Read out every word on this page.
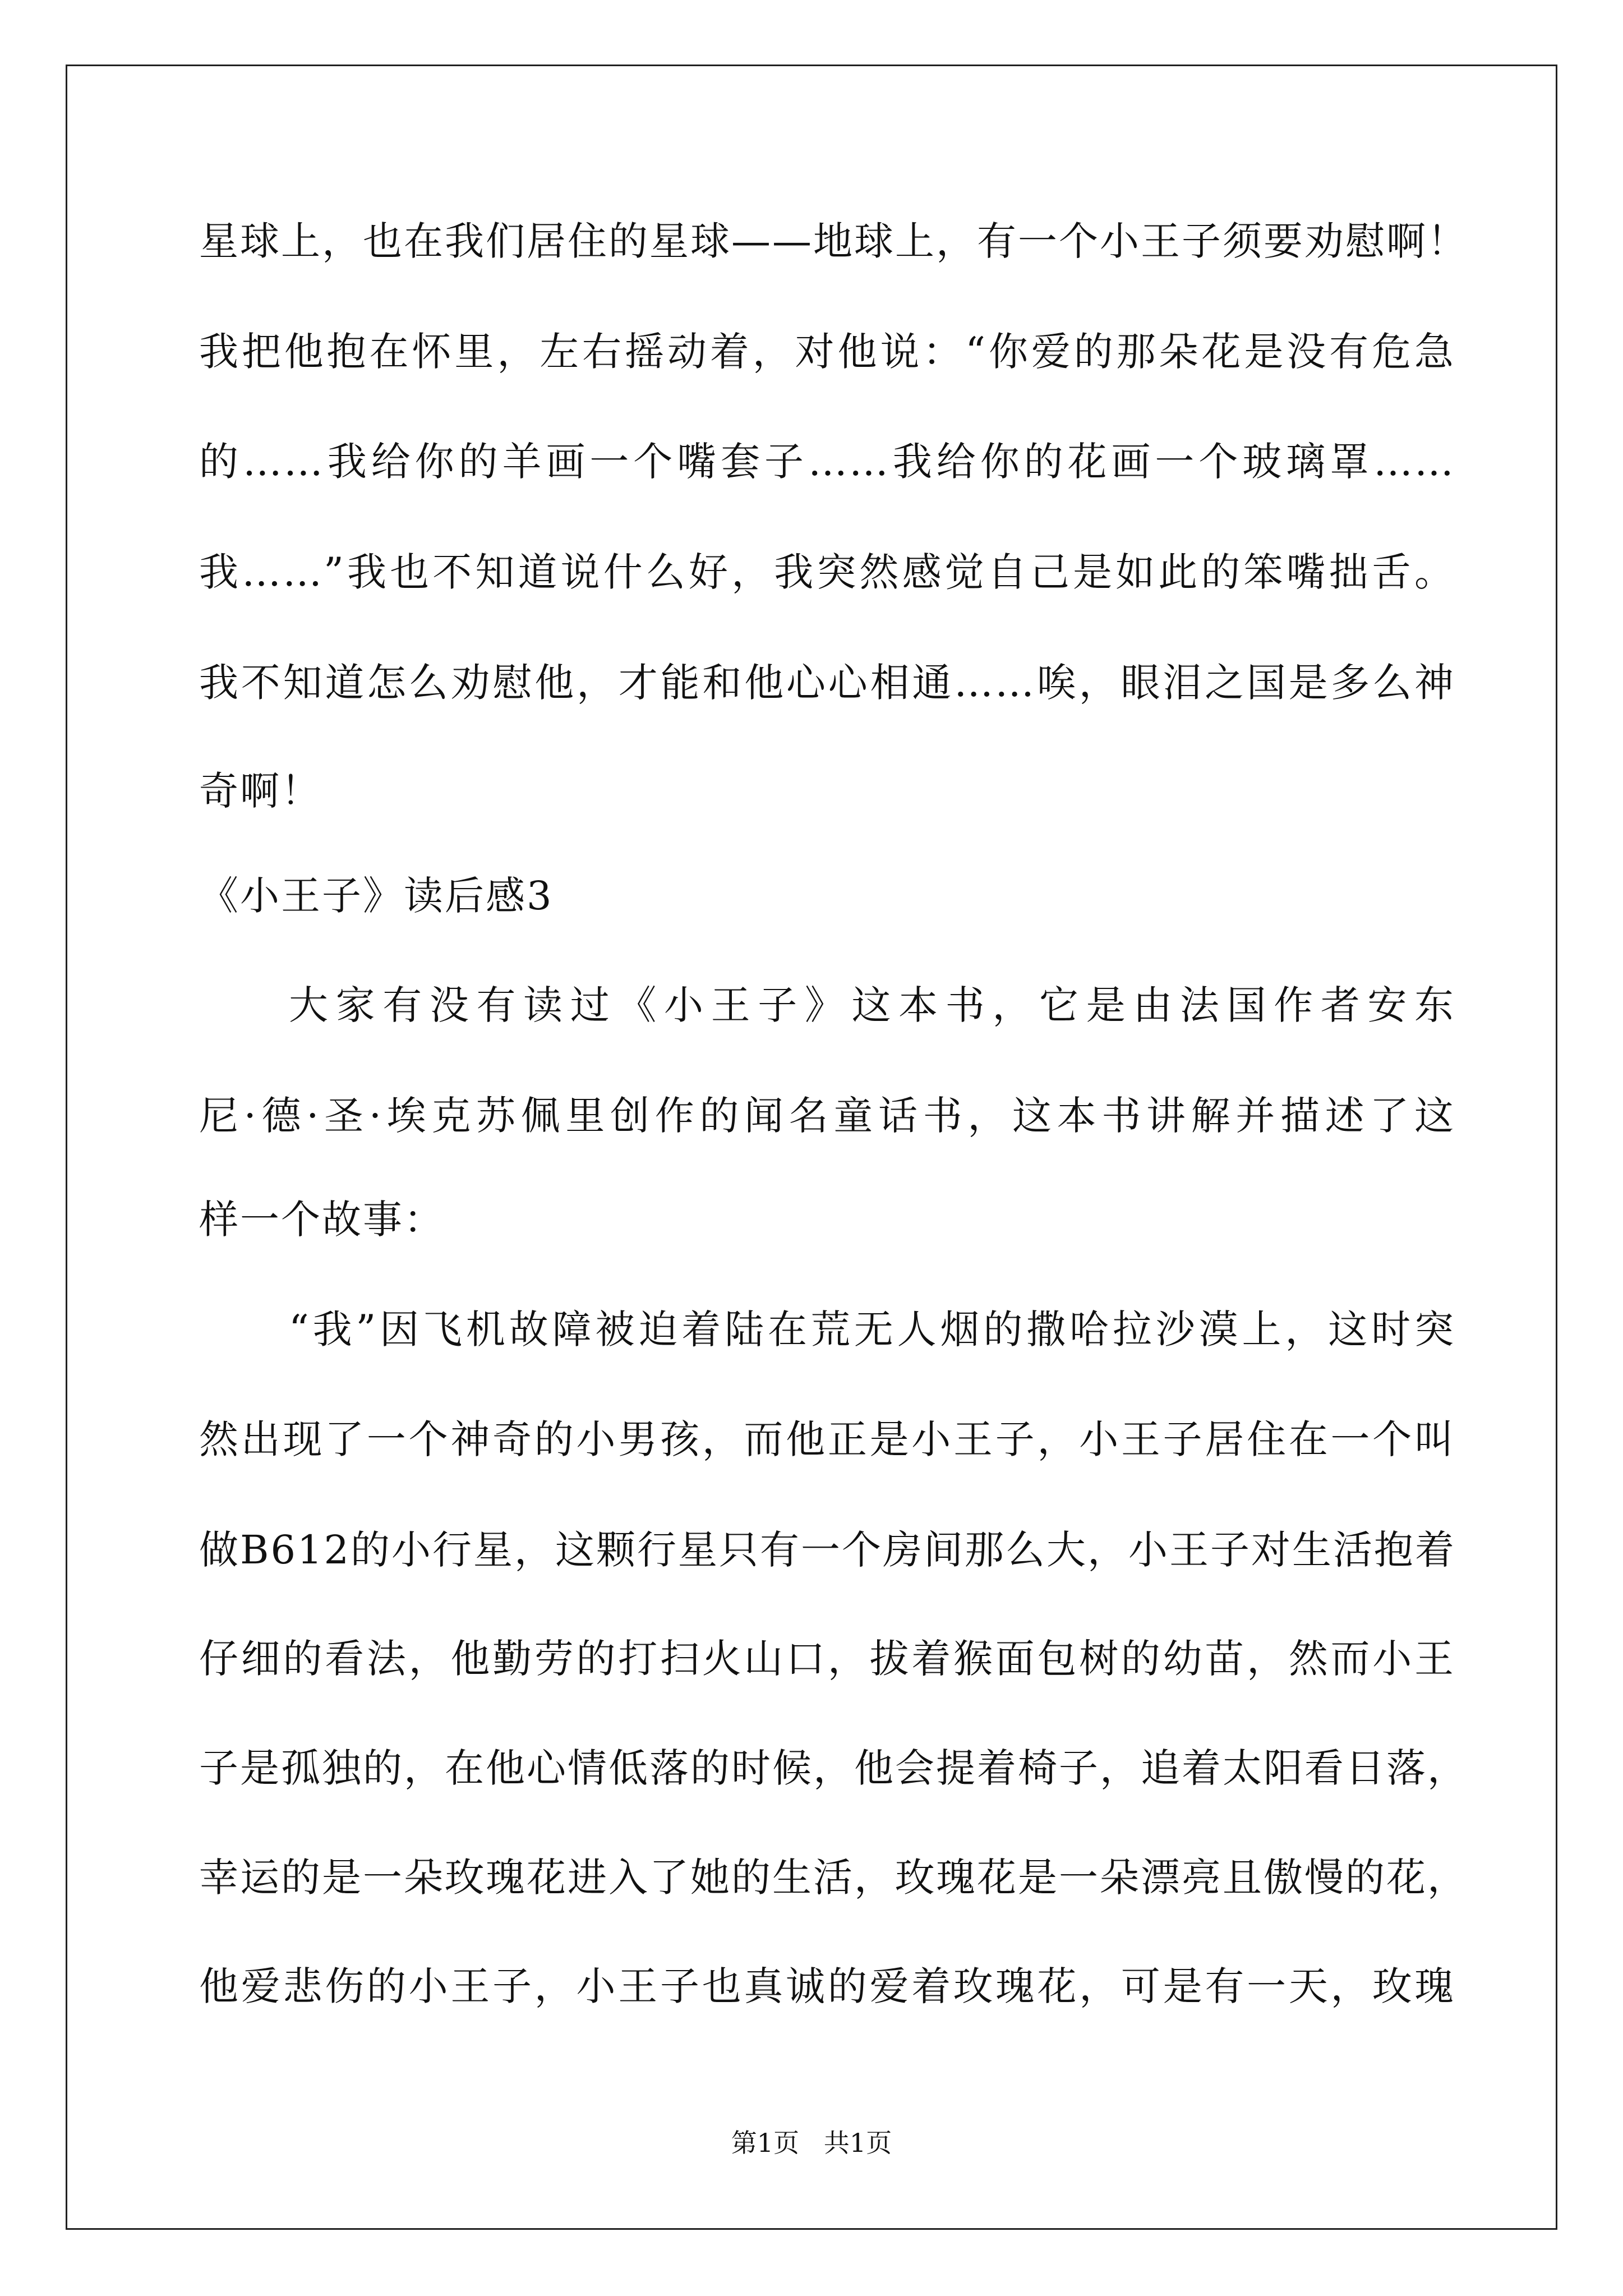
星球上，也在我们居住的星球——地球上，有一个小王子须要劝慰啊！
我把他抱在怀里，左右摇动着，对他说：“你爱的那朵花是没有危急
的……我给你的羊画一个嘴套子……我给你的花画一个玻璃罩……
我……”我也不知道说什么好，我突然感觉自己是如此的笨嘴拙舌。
我不知道怎么劝慰他，才能和他心心相通……唉，眼泪之国是多么神
奇啊！
《小王子》读后感3
大家有没有读过《小王子》这本书，它是由法国作者安东
尼·德·圣·埃克苏佩里创作的闻名童话书，这本书讲解并描述了这
样一个故事：
“我”因飞机故障被迫着陆在荒无人烟的撒哈拉沙漠上，这时突
然出现了一个神奇的小男孩，而他正是小王子，小王子居住在一个叫
做B612的小行星，这颗行星只有一个房间那么大，小王子对生活抱着
仔细的看法，他勤劳的打扫火山口，拔着猴面包树的幼苗，然而小王
子是孤独的，在他心情低落的时候，他会提着椅子，追着太阳看日落，
幸运的是一朵玫瑰花进入了她的生活，玫瑰花是一朵漂亮且傲慢的花，
他爱悲伤的小王子，小王子也真诚的爱着玫瑰花，可是有一天，玫瑰
第1页   共1页
